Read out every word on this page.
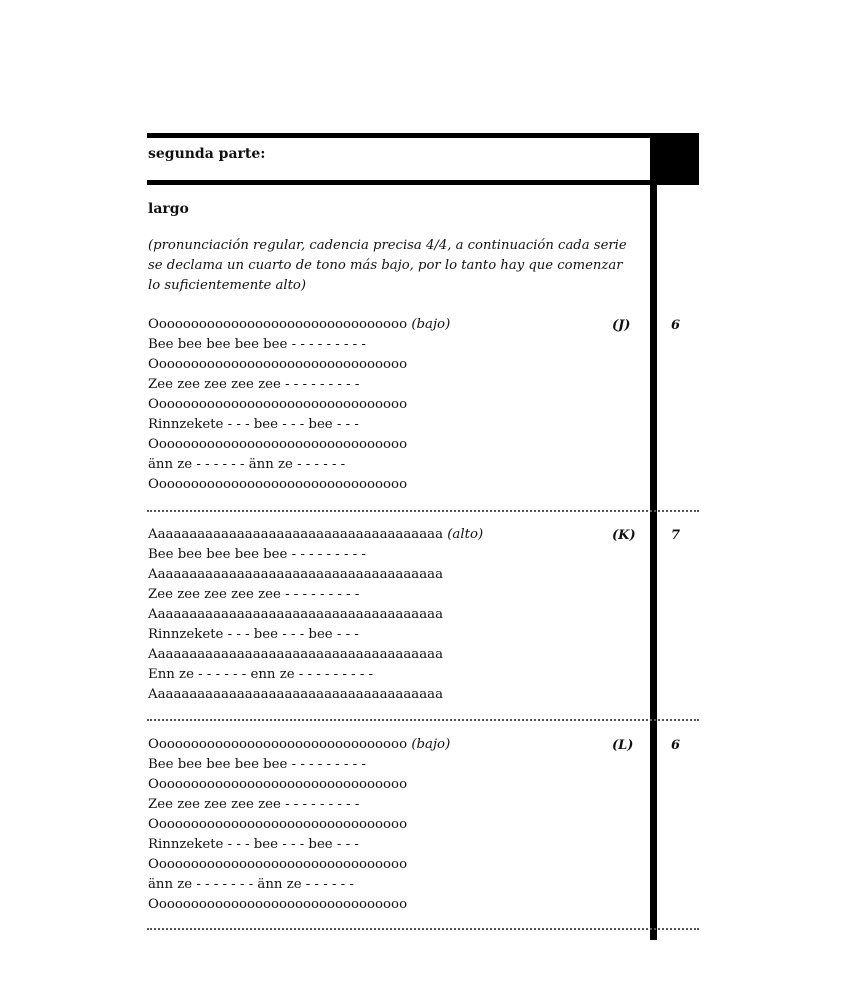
segunda parte:
largo
(pronunciación regular, cadencia precisa 4/4, a continuación cada serie se declama un cuarto de tono más bajo, por lo tanto hay que comenzar lo suficientemente alto)
Oooooooooooooooooooooooooooooooo (bajo)
Bee bee bee bee bee - - - - - - - - -
Oooooooooooooooooooooooooooooooo
Zee zee zee zee zee - - - - - - - - -
Oooooooooooooooooooooooooooooooo
Rinnzekete - - - bee - - - bee - - -
Oooooooooooooooooooooooooooooooo
änn ze - - - - - - änn ze - - - - - -
Oooooooooooooooooooooooooooooooo
(J)	6
Aaaaaaaaaaaaaaaaaaaaaaaaaaaaaaaaaaaaa (alto)
Bee bee bee bee bee - - - - - - - - -
Aaaaaaaaaaaaaaaaaaaaaaaaaaaaaaaaaaaaa
Zee zee zee zee zee - - - - - - - - -
Aaaaaaaaaaaaaaaaaaaaaaaaaaaaaaaaaaaaa
Rinnzekete - - - bee - - - bee - - -
Aaaaaaaaaaaaaaaaaaaaaaaaaaaaaaaaaaaaa
Enn ze - - - - - - enn ze - - - - - - - - -
Aaaaaaaaaaaaaaaaaaaaaaaaaaaaaaaaaaaaa
(K)	7
Oooooooooooooooooooooooooooooooo (bajo)
Bee bee bee bee bee - - - - - - - - -
Oooooooooooooooooooooooooooooooo
Zee zee zee zee zee - - - - - - - - -
Oooooooooooooooooooooooooooooooo
Rinnzekete - - - bee - - - bee - - -
Oooooooooooooooooooooooooooooooo
änn ze - - - - - - - änn ze - - - - - -
Oooooooooooooooooooooooooooooooo
(L)	6
